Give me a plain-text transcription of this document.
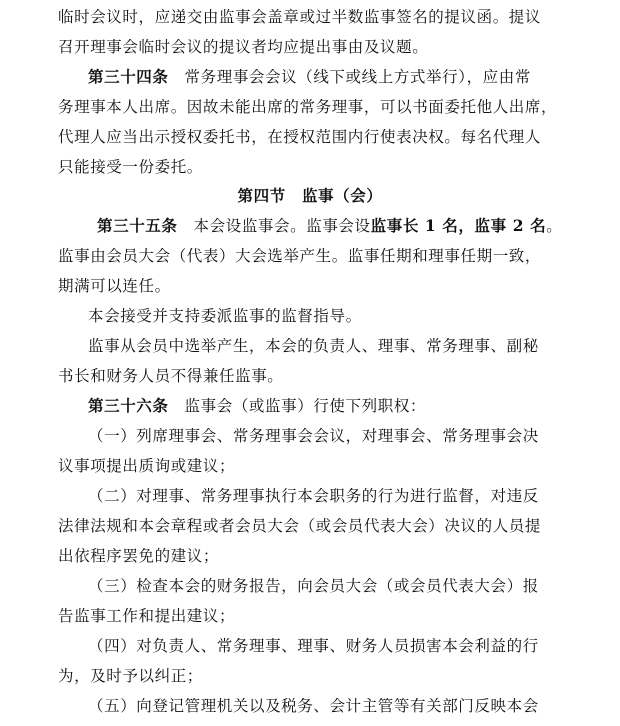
临时会议时，应递交由监事会盖章或过半数监事签名的提议函。提议
召开理事会临时会议的提议者均应提出事由及议题。
第三十四条 常务理事会会议（线下或线上方式举行），应由常
务理事本人出席。因故未能出席的常务理事，可以书面委托他人出席，
代理人应当出示授权委托书，在授权范围内行使表决权。每名代理人
只能接受一份委托。
第四节　监事（会）
第三十五条 本会设监事会。监事会设监事长 1 名，监事 2 名。
监事由会员大会（代表）大会选举产生。监事任期和理事任期一致，
期满可以连任。
本会接受并支持委派监事的监督指导。
监事从会员中选举产生，本会的负责人、理事、常务理事、副秘
书长和财务人员不得兼任监事。
第三十六条 监事会（或监事）行使下列职权：
（一）列席理事会、常务理事会会议，对理事会、常务理事会决
议事项提出质询或建议；
（二）对理事、常务理事执行本会职务的行为进行监督，对违反
法律法规和本会章程或者会员大会（或会员代表大会）决议的人员提
出依程序罢免的建议；
（三）检查本会的财务报告，向会员大会（或会员代表大会）报
告监事工作和提出建议；
（四）对负责人、常务理事、理事、财务人员损害本会利益的行
为，及时予以纠正；
（五）向登记管理机关以及税务、会计主管等有关部门反映本会
